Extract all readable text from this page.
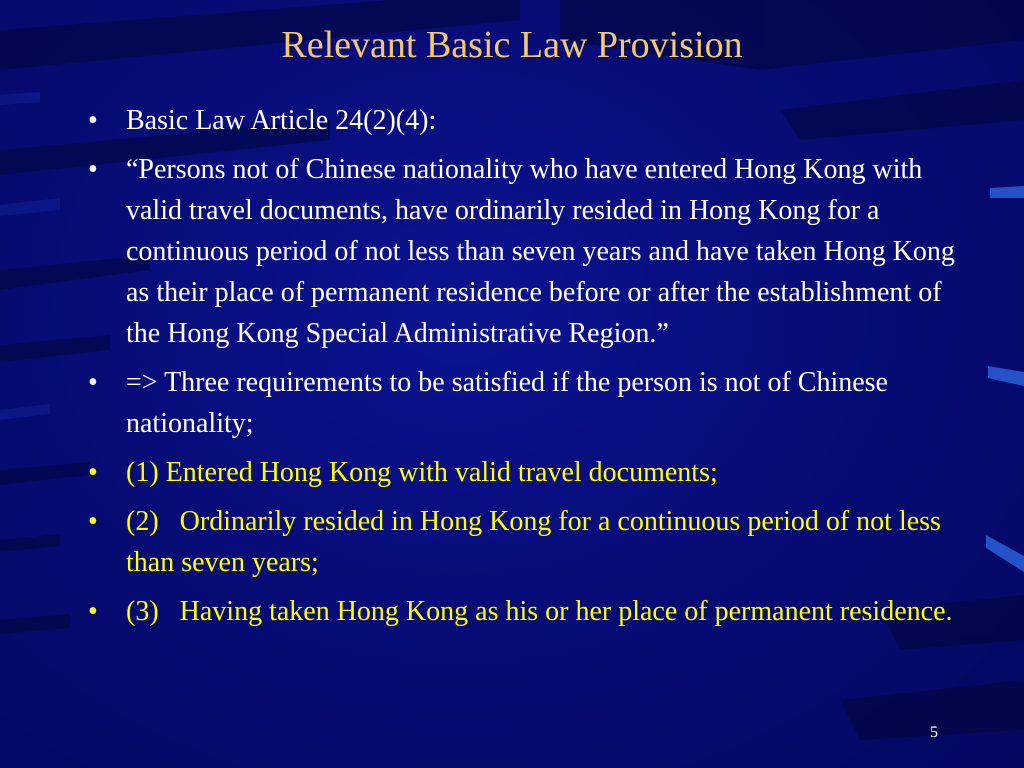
Relevant Basic Law Provision
• Basic Law Article 24(2)(4):
• “Persons not of Chinese nationality who have entered Hong Kong with valid travel documents, have ordinarily resided in Hong Kong for a continuous period of not less than seven years and have taken Hong Kong as their place of permanent residence before or after the establishment of the Hong Kong Special Administrative Region.”
• => Three requirements to be satisfied if the person is not of Chinese nationality;
• (1) Entered Hong Kong with valid travel documents;
• (2)   Ordinarily resided in Hong Kong for a continuous period of not less than seven years;
• (3)   Having taken Hong Kong as his or her place of permanent residence.
5
